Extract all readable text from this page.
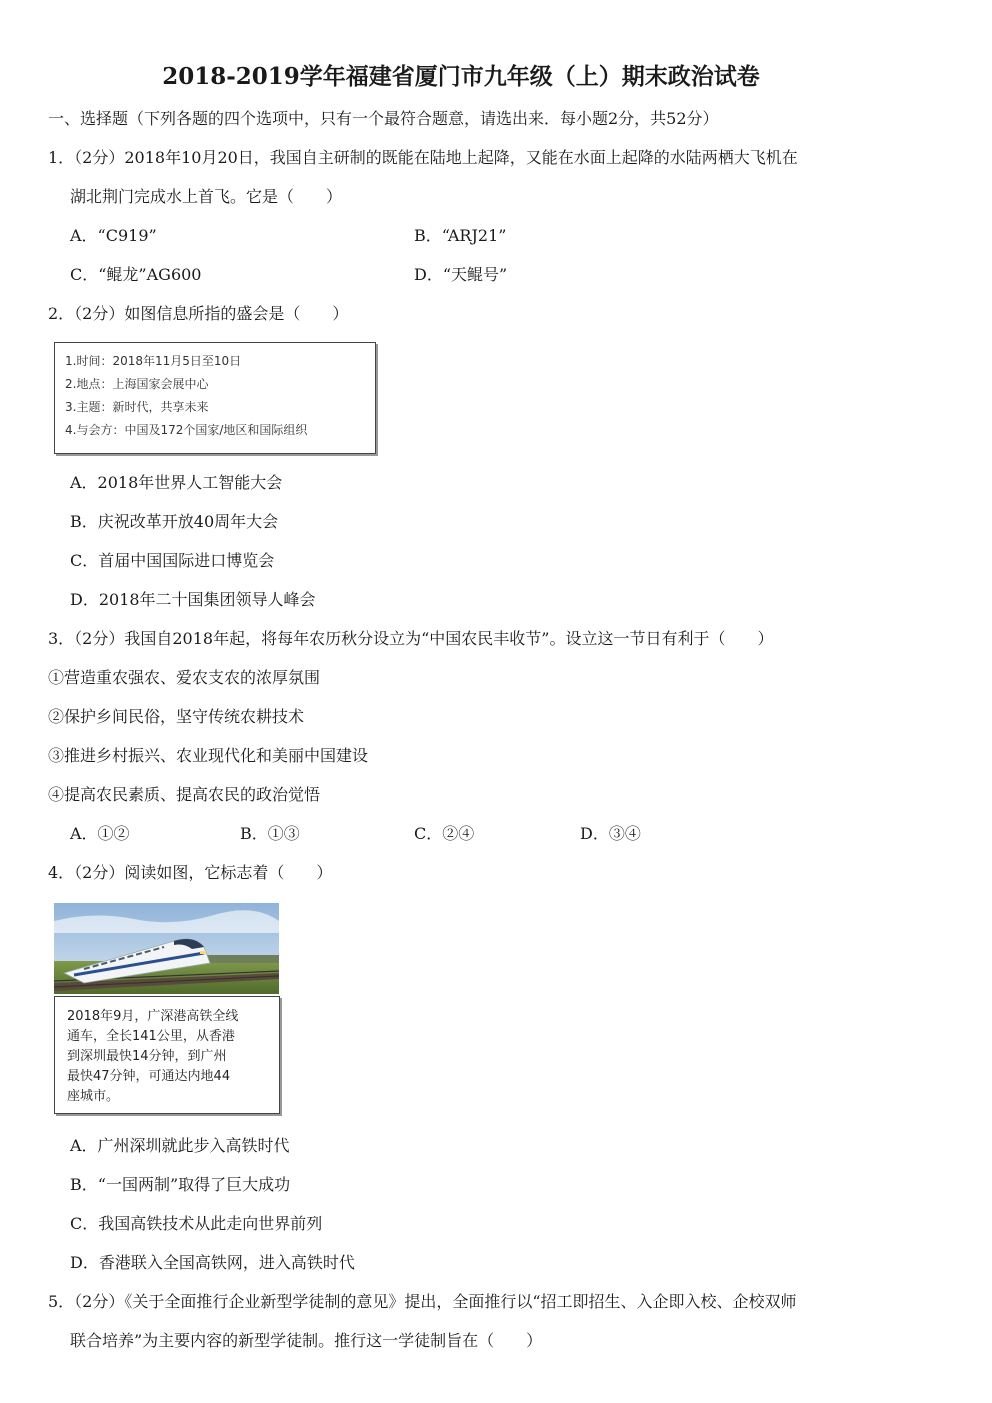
2018-2019学年福建省厦门市九年级（上）期末政治试卷
一、选择题（下列各题的四个选项中，只有一个最符合题意，请选出来．每小题2分，共52分）
1．（2分）2018年10月20日，我国自主研制的既能在陆地上起降，又能在水面上起降的水陆两栖大飞机在
湖北荆门完成水上首飞。它是（　　）
A．“C919”	B．“ARJ21”
C．“鲲龙”AG600	D．“天鲲号”
2．（2分）如图信息所指的盛会是（　　）
1.时间：2018年11月5日至10日
2.地点：上海国家会展中心
3.主题：新时代，共享未来
4.与会方：中国及172个国家/地区和国际组织
A．2018年世界人工智能大会
B．庆祝改革开放40周年大会
C．首届中国国际进口博览会
D．2018年二十国集团领导人峰会
3．（2分）我国自2018年起，将每年农历秋分设立为“中国农民丰收节”。设立这一节日有利于（　　）
①营造重农强农、爱农支农的浓厚氛围
②保护乡间民俗，坚守传统农耕技术
③推进乡村振兴、农业现代化和美丽中国建设
④提高农民素质、提高农民的政治觉悟
A．①②	B．①③	C．②④	D．③④
4．（2分）阅读如图，它标志着（　　）
2018年9月，广深港高铁全线
通车，全长141公里，从香港
到深圳最快14分钟，到广州
最快47分钟，可通达内地44
座城市。
A．广州深圳就此步入高铁时代
B．“一国两制”取得了巨大成功
C．我国高铁技术从此走向世界前列
D．香港联入全国高铁网，进入高铁时代
5．（2分）《关于全面推行企业新型学徒制的意见》提出，全面推行以“招工即招生、入企即入校、企校双师
联合培养”为主要内容的新型学徒制。推行这一学徒制旨在（　　）
